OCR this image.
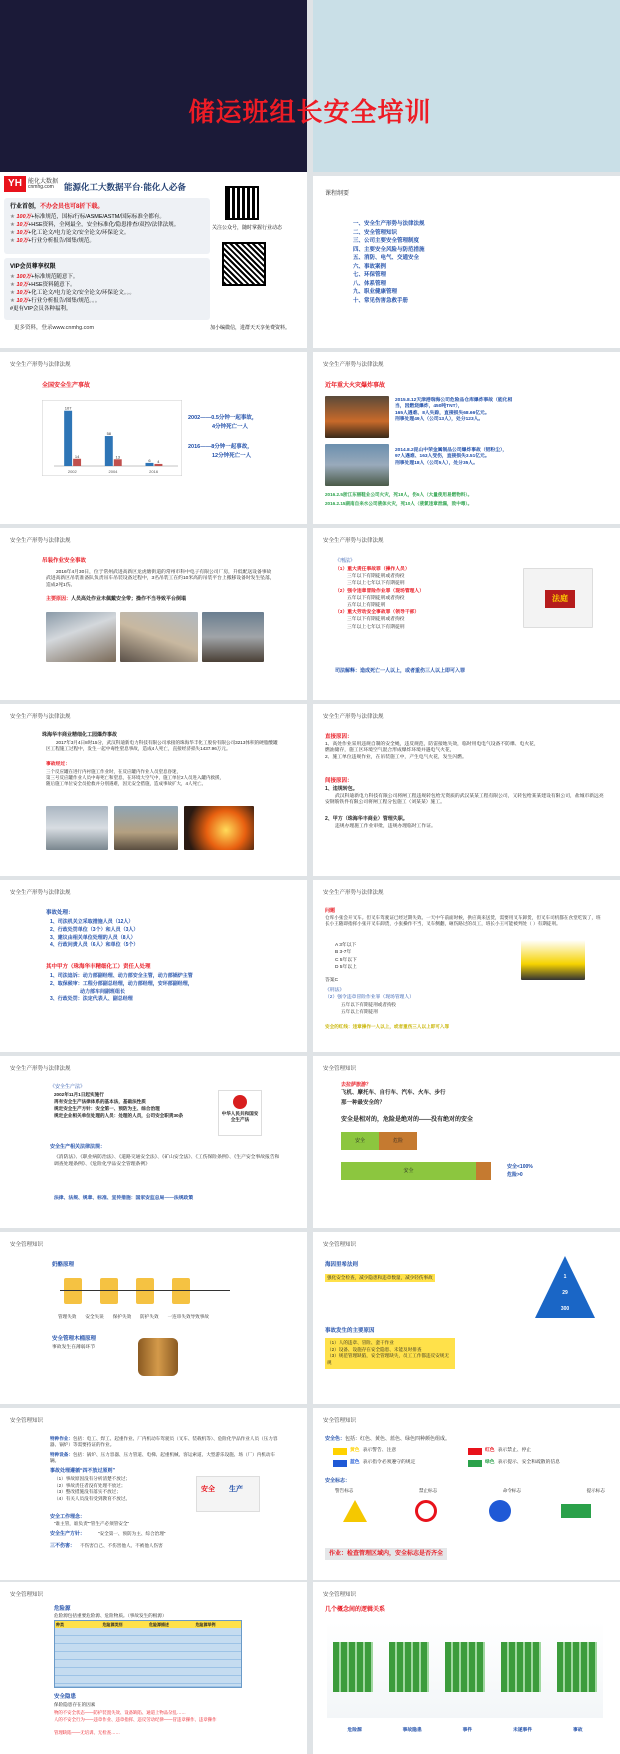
储运班组长安全培训
YH	能化大数据
cnmhg.com 能源化工大数据平台·能化人必备
行业首创，不办会员也可8折下载。
★ 100万+标准规范，国标/行标/ASME/ASTM/国际标准全都有。
★ 10万+HSE资料，全网最全，安全标准化/隐患排查/双控/法律法规。
★ 10万+化工论文/电力论文/安全论文/环保论文。
★ 10万+行业分析报告/图集/规范。
VIP会员尊享权限
★ 100万+标准规范随意下。
★ 10万+HSE资料随意下。
★ 10万+化工论文/电力论文/安全论文/环保论文。。。
★ 10万+行业分析报告/图集/规范。。。
#更有VIP会员各种福利。
更多资料，登录www.cnmhg.com
关注公众号，随时掌握行业动态
加小编微信，进群天天享免费资料。
课程纲要
一、安全生产形势与法律法规
二、安全管理知识
三、公司主要安全管理制度
四、主要安全风险与防范措施
五、消防、电气、交通安全
六、事故案例
七、环保管理
八、体系管理
九、职业健康管理
十、常见伤害急救手册
安全生产形势与法律法规
全国安全生产事故
107
14
2002
58
13
2004
6 4
2016
2002——0.5分钟一起事故，
4分钟死亡一人
2016——8分钟一起事故，
12分钟死亡一人
安全生产形势与法律法规
近年重大火灾爆炸事故
2015.8.12天津港瑞海公司危险品仓库爆炸事故（能化相当，因燃烧爆炸，450吨TNT），
165人遇难、8人失踪，直接损失68.66亿元。
刑事处理49人（公司13人），处分123人。
2014.8.2昆山中荣金属制品公司爆炸事故（铝粉尘），
97人遇难、163人受伤，直接损失3.51亿元。
刑事处理18人（公司5人），处分35人。
2016.2.5浙江东丽鞋业公司火灾，死18人，伤5人（大量使用易燃物料）。
2016.2.15湖南自来水公司液体火灾，死10人（液氯违章泄漏，致中毒）。
安全生产形势与法律法规
吊装作业安全事故
2016年4月30日，位于常州武进高新区龙虎塘街道的常州市科中电子有限公司厂房，升低配送设备事故武进高新区吊装准备队负责吊车吊装设备过程中，3名吊装工在约10米高的吊装平台上搬移设备时发生坠落，造成2死1伤。
主要原因：人员高处作业未佩戴安全带；操作不当导致平台倒塌
安全生产形势与法律法规
《刑法》
（1）重大责任事故罪（操作人员）
三年以下有期徒刑或者拘役
三年以上七年以下有期徒刑
（2）强令违章冒险作业罪（现场管理人）
五年以下有期徒刑或者拘役
五年以上有期徒刑
（3）重大劳动安全事故罪（领导干部）
三年以下有期徒刑或者拘役
三年以上七年以下有期徒刑
法庭
司法解释：造成死亡一人以上，或者重伤三人以上即可入罪
安全生产形势与法律法规
珠海华丰商业精细化工园爆炸事故
2017年3月4日8时15分，武汉科迪新电力科技有限公司承接的珠海华丰化工股份有限公司3213体积的硬脂酸罐区工程施工过程中，发生一起中毒性窒息事故，造成4人死亡，直接经济损失1437.96万元。
事故经过：
三个反应罐在进行内衬施工作业时，在反应罐内作业人员窒息昏迷，
第三号反应罐作业人员中毒死亡和窒息，在环境大空气中，施工单位2人员进入罐内救援，
随后施工单位安全员抢救并分别遇难，因无安全措施，造成事故扩大，4人死亡。
安全生产形势与法律法规
直接原因：
1、高处作业采用违规自制的安全绳，违反规范，防雷接地失效，临时用电电气设备不防爆、电火花，
燃油储存，施工区环境空气混合形成爆炸环境并遇电气火花，
2、施工单位违规作业，在吊装施工中，产生电气火花，发生闪燃。
间接原因：
1、违规转包。
武汉科迪新电力科技有限公司将闸工程违规转包给无资质的武汉某某工程有限公司，又转包给某某建设有限公司，盐城市新远亮安钢筋铁件有限公司将闸工程分包施工（刘某某）施工。
2、甲方（珠海华丰商业）管理失职。
违规办理施工作业审批，违规办理临时工作证。
安全生产形势与法律法规
事故处理：
1、司法机关立采取措施人员（12人）
2、行政处罚单位（3个）和人员（3人）
3、建议由相关单位处理的人员（8人）
4、行政问责人员（6人）和单位（5个）
其中甲方（珠海华丰精细化工）责任人处理
1、司法追诉：动力部副经理、动力部安全主管，动力部锅炉主管
2、取保候审：工程分部副总经理，动力部经理，安环部副经理，
动力部车间副班组长
3、行政处罚：法定代表人、副总经理
安全生产形势与法律法规
问题
仓库小张会开叉车。但叉车驾驶证已经过期失效。一天中午前面时候，供应商来送货，需要用叉车卸货，但叉车司机都在食堂吃饭了，班长小王随即指挥小张开叉车卸货，小张操作不当，叉车侧翻，砸伤路过的员工，班长小王可能被判处（ ）有期徒刑。
A 3年以下
B 3-7年
C 5年以下
D 5年以上
答案C
《刑法》
（2）强令违章冒险作业罪（现场管理人）
五年以下有期徒刑或者拘役
五年以上有期徒刑
安全的红线：违章操作一人以上，或者重伤三人以上即可入罪
安全生产形势与法律法规
《安全生产法》
2002年11月1日起实施行
再有安全生产法律体系的基本法，基础法性质
规定安全生产方针：安全第一、预防为主、综合治理
规定企业相关单位处理的人员：处理的人员，公司安全职责30条	中华人民共和国安全生产法
安全生产相关法律法规：
《消防法》、《职业病防治法》、《道路交通安全法》、《矿山安全法》、《工伤保险条例》、《生产安全事故报告和调查处理条例》、《危险化学品安全管理条例》
法律、法规、规章、标准、宣传措施：国家安监总局——法规政策
安全管理知识
去拉萨旅游？
飞机、摩托车、自行车、汽车、火车、步行
那一种最安全的？
安全是相对的，危险是绝对的——没有绝对的安全
安全	危险
安全
安全<100%
危险>0
安全管理知识
奶酪原理
管理失效 安全失误 保护失效 防护失效 一连串失效导致事故
安全管理木桶原理
事故发生在薄弱环节
安全管理知识
海因里希法则
强化安全检查，减少隐患和违章数量，减少轻伤事故	1
29
300
事故发生的主要原因
（1）人的违章、冒险、蛮干作业
（2）设备、设施存在安全隐患、未能及时排查
（3）规范管理缺陷，安全管理缺失，员工工作都违反安规无规
安全管理知识
特种作业：包括：电工、焊工、起重作业、厂内机动车驾驶员（叉车、装载机等）、危险化学品作业人员（压力容器、锅炉）等需要持证的作业。
特种设备：包括：锅炉、压力容器、压力管道、电梯、起重机械、客运索道、大型游乐设施、场（厂）内机动车辆。
事故处理遵循“四不放过原则”
（1）事故原因没有分析清楚不放过；
（2）事故责任者没有处理不放过；
（3）整改措施没有落实不放过；
（4）有关人员没有受到教育不放过。
安全 生产
安全工作理念：
“谁主管，谁负责”“管生产必须管安全”
安全生产方针：	“安全第一、预防为主、综合治理”
三不伤害： 不伤害自己、不伤害他人、不被他人伤害
安全管理知识
安全色：包括：红色、黄色、蓝色、绿色四种颜色组成。
黄色 表示警告、注意	红色 表示禁止、停止
蓝色 表示指令必须遵守的规定	绿色 表示提示、安全和疏散的信息
安全标志：
警告标志	禁止标志	命令标志	提示标志
作业：检查管理区域内，安全标志是否齐全
安全管理知识
危险源
危险源包括重要危险源、危险物质。（事故发生的根源）
种类	危险源类别	危险源描述	危险源举例
安全隐患
保险隐患存在的因素
物的不安全状态——防护装置失效、设备缺陷、通道上物品杂乱……
人的不安全行为——违章作业、违章指挥、违反劳动纪律——冒违章操作、违章操作
管理缺陷——无培训、无检查……
安全管理知识
几个概念间的逻辑关系
危险源	事故隐患	事件	未遂事件	事故
